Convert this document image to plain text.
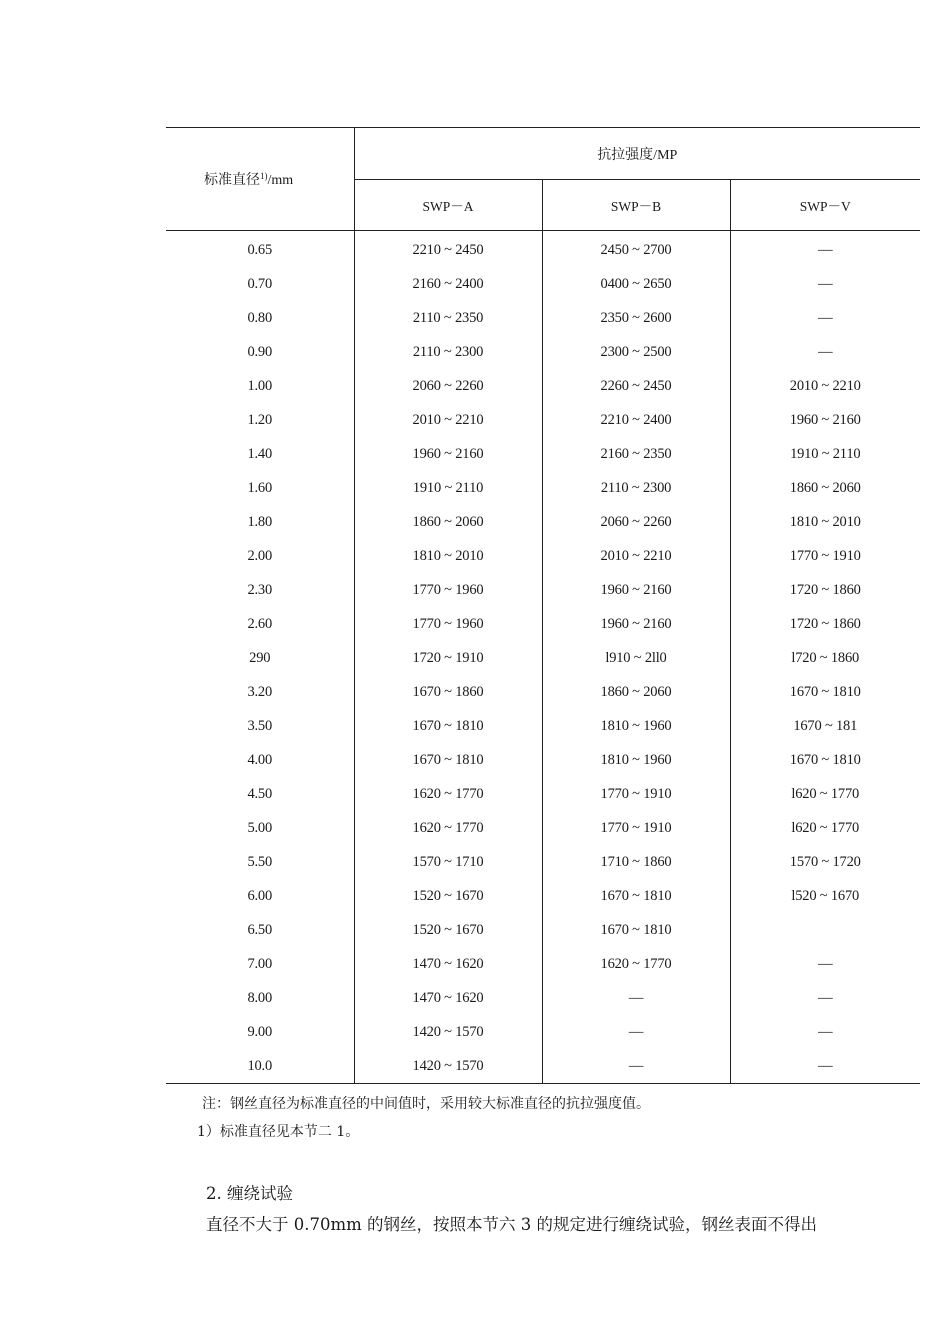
标准直径$^{1)}$/mm	抗拉强度/MP		
	SWP－A	SWP－B	SWP－V
0.65	2210 ~ 2450	2450 ~ 2700	—
0.70	2160 ~ 2400	0400 ~ 2650	—
0.80	2110 ~ 2350	2350 ~ 2600	—
0.90	2110 ~ 2300	2300 ~ 2500	—
1.00	2060 ~ 2260	2260 ~ 2450	2010 ~ 2210
1.20	2010 ~ 2210	2210 ~ 2400	1960 ~ 2160
1.40	1960 ~ 2160	2160 ~ 2350	1910 ~ 2110
1.60	1910 ~ 2110	2110 ~ 2300	1860 ~ 2060
1.80	1860 ~ 2060	2060 ~ 2260	1810 ~ 2010
2.00	1810 ~ 2010	2010 ~ 2210	1770 ~ 1910
2.30	1770 ~ 1960	1960 ~ 2160	1720 ~ 1860
2.60	1770 ~ 1960	1960 ~ 2160	1720 ~ 1860
290	1720 ~ 1910	l910 ~ 2ll0	l720 ~ 1860
3.20	1670 ~ 1860	1860 ~ 2060	1670 ~ 1810
3.50	1670 ~ 1810	1810 ~ 1960	1670 ~ 181
4.00	1670 ~ 1810	1810 ~ 1960	1670 ~ 1810
4.50	1620 ~ 1770	1770 ~ 1910	l620 ~ 1770
5.00	1620 ~ 1770	1770 ~ 1910	l620 ~ 1770
5.50	1570 ~ 1710	1710 ~ 1860	1570 ~ 1720
6.00	1520 ~ 1670	1670 ~ 1810	l520 ~ 1670
6.50	1520 ~ 1670	1670 ~ 1810	
7.00	1470 ~ 1620	1620 ~ 1770	—
8.00	1470 ~ 1620	—	—
9.00	1420 ~ 1570	—	—
10.0	1420 ~ 1570	—	—
注：钢丝直径为标准直径的中间值时，采用较大标准直径的抗拉强度值。
1）标准直径见本节二 1。
2. 缠绕试验
直径不大于 0.70mm 的钢丝，按照本节六 3 的规定进行缠绕试验，钢丝表面不得出
